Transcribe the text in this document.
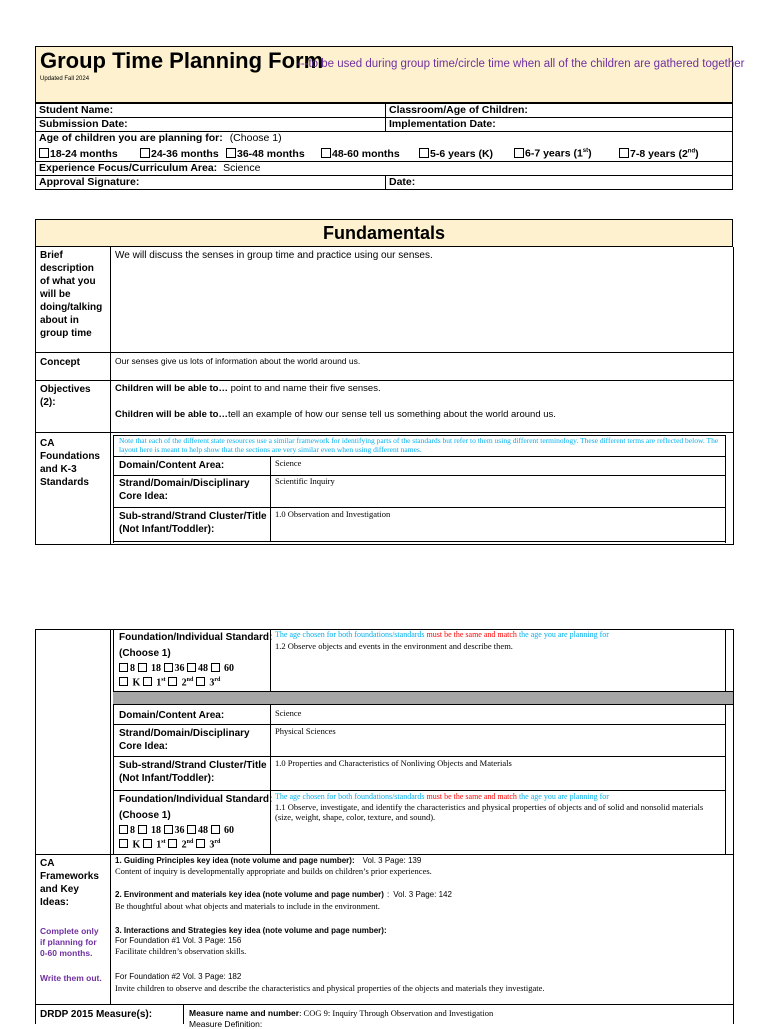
Group Time Planning Form
---to be used during group time/circle time when all of the children are gathered together
Updated Fall 2024
Student Name:	Classroom/Age of Children:
Submission Date:	Implementation Date:
Age of children you are planning for: (Choose 1)
18-24 months 24-36 months 36-48 months 48-60 months 5-6 years (K) 6-7 years (1st) 7-8 years (2nd)	
Experience Focus/Curriculum Area: Science	
Approval Signature:	Date:
Fundamentals
Brief description of what you will be doing/talking about in group time
We will discuss the senses in group time and practice using our senses.
Concept	Our senses give us lots of information about the world around us.
Objectives (2):
Children will be able to… point to and name their five senses.
Children will be able to…tell an example of how our sense tell us something about the world around us.
CA Foundations and K-3 Standards
Note that each of the different state resources use a similar framework for identifying parts of the standards but refer to them using different terminology. These different terms are reflected below. The layout here is meant to help show that the sections are very similar even when using different names.
Domain/Content Area:	Science
Strand/Domain/Disciplinary Core Idea:
Scientific Inquiry
Sub-strand/Strand Cluster/Title (Not Infant/Toddler):
1.0 Observation and Investigation
Foundation/Individual Standard:
(Choose 1)
8 18 36 48 60
K 1st 2nd 3rd
The age chosen for both foundations/standards must be the same and match the age you are planning for
1.2 Observe objects and events in the environment and describe them.
Domain/Content Area:	Science
Strand/Domain/Disciplinary Core Idea:
Physical Sciences
Sub-strand/Strand Cluster/Title (Not Infant/Toddler):
1.0 Properties and Characteristics of Nonliving Objects and Materials
Foundation/Individual Standard:
(Choose 1)
8 18 36 48 60
K 1st 2nd 3rd
The age chosen for both foundations/standards must be the same and match the age you are planning for
1.1 Observe, investigate, and identify the characteristics and physical properties of objects and of solid and nonsolid materials (size, weight, shape, color, texture, and sound).
CA Frameworks and Key Ideas:
Complete only if planning for 0-60 months.
Write them out.
1. Guiding Principles key idea (note volume and page number): Vol. 3 Page: 139
Content of inquiry is developmentally appropriate and builds on children’s prior experiences.
2. Environment and materials key idea (note volume and page number) : Vol. 3 Page: 142
Be thoughtful about what objects and materials to include in the environment.
3. Interactions and Strategies key idea (note volume and page number):
For Foundation #1 Vol. 3 Page: 156
Facilitate children’s observation skills.
For Foundation #2 Vol. 3 Page: 182
Invite children to observe and describe the characteristics and physical properties of the objects and materials they investigate.
DRDP 2015 Measure(s):	Measure name and number: COG 9: Inquiry Through Observation and Investigation
Measure Definition:
